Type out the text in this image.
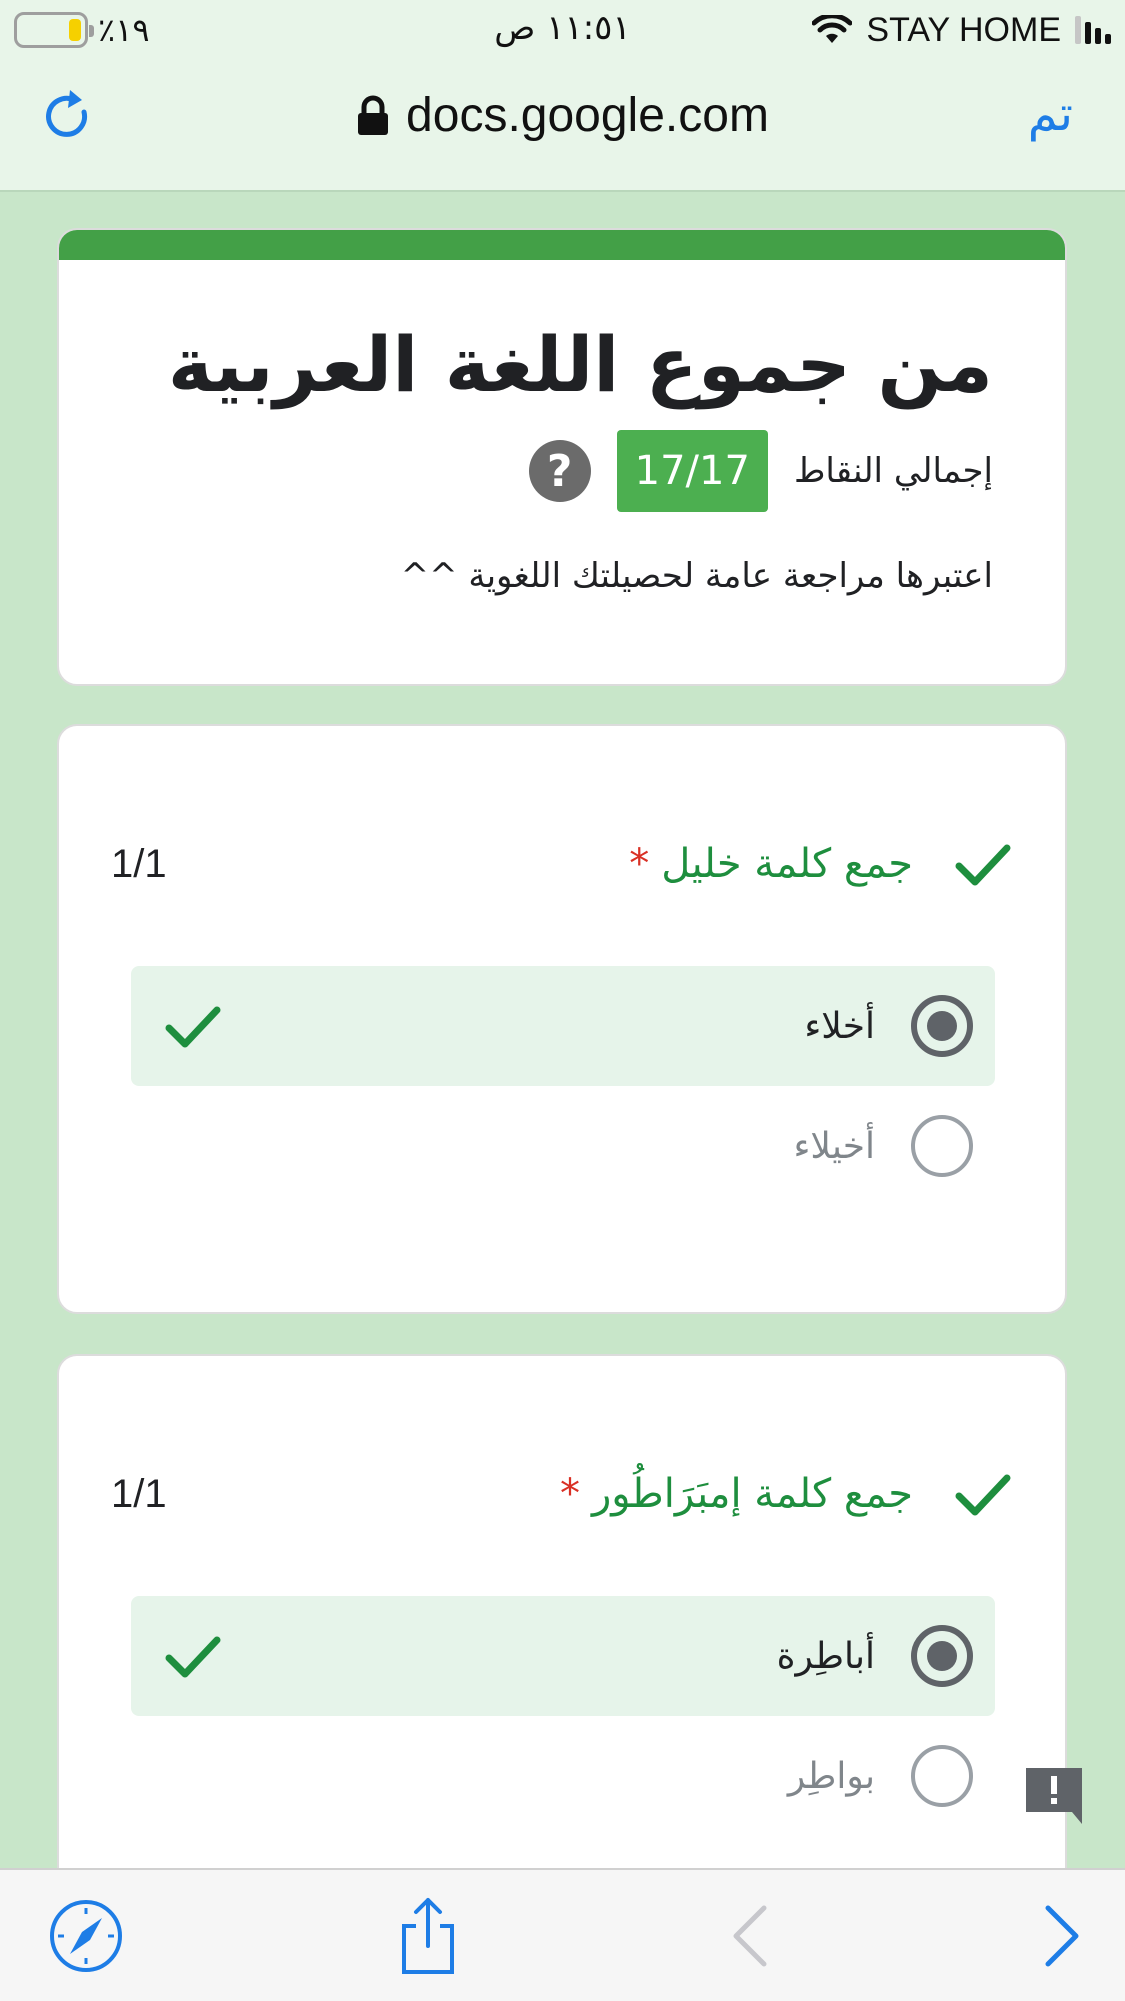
٪١٩	١١:٥١ ص	STAY HOME
docs.google.com	تم
من جموع اللغة العربية
إجمالي النقاط
17/17
?
اعتبرها مراجعة عامة لحصيلتك اللغوية ^^
جمع كلمة خليل*
1/1
أخلاء
أخيلاء
جمع كلمة إمبَرَاطُور*
1/1
أباطِرة
بواطِر
